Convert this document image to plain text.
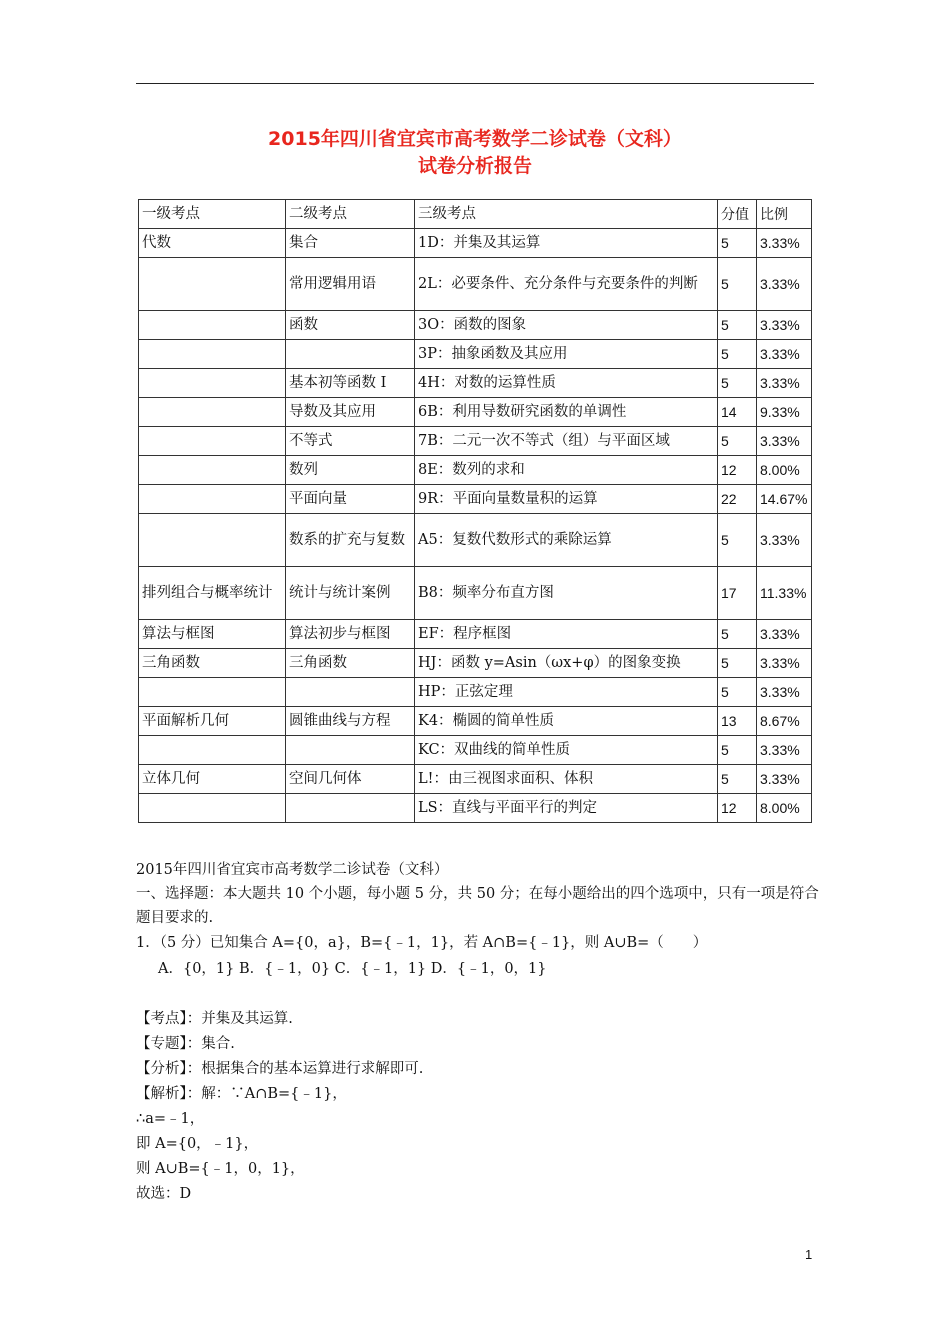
2015年四川省宜宾市高考数学二诊试卷（文科）
试卷分析报告
一级考点	二级考点	三级考点	分值	比例
代数	集合	1D：并集及其运算	5	3.33%
	常用逻辑用语	2L：必要条件、充分条件与充要条件的判断	5	3.33%
	函数	3O：函数的图象	5	3.33%
		3P：抽象函数及其应用	5	3.33%
	基本初等函数 I	4H：对数的运算性质	5	3.33%
	导数及其应用	6B：利用导数研究函数的单调性	14	9.33%
	不等式	7B：二元一次不等式（组）与平面区域	5	3.33%
	数列	8E：数列的求和	12	8.00%
	平面向量	9R：平面向量数量积的运算	22	14.67%
	数系的扩充与复数	A5：复数代数形式的乘除运算	5	3.33%
排列组合与概率统计	统计与统计案例	B8：频率分布直方图	17	11.33%
算法与框图	算法初步与框图	EF：程序框图	5	3.33%
三角函数	三角函数	HJ：函数 y=Asin（ωx+φ）的图象变换	5	3.33%
		HP：正弦定理	5	3.33%
平面解析几何	圆锥曲线与方程	K4：椭圆的简单性质	13	8.67%
		KC：双曲线的简单性质	5	3.33%
立体几何	空间几何体	L!：由三视图求面积、体积	5	3.33%
		LS：直线与平面平行的判定	12	8.00%
2015年四川省宜宾市高考数学二诊试卷（文科）
一、选择题：本大题共 10 个小题，每小题 5 分，共 50 分；在每小题给出的四个选项中，只有一项是符合题目要求的.
1．（5 分）已知集合 A={0，a}，B={﹣1，1}，若 A∩B={﹣1}，则 A∪B=（　　）
A．{0，1} B．{﹣1，0} C．{﹣1，1} D．{﹣1，0，1}
【考点】：并集及其运算.
【专题】：集合.
【分析】：根据集合的基本运算进行求解即可.
【解析】：解：∵A∩B={﹣1}，
∴a=﹣1，
即 A={0，﹣1}，
则 A∪B={﹣1，0，1}，
故选：D
1
